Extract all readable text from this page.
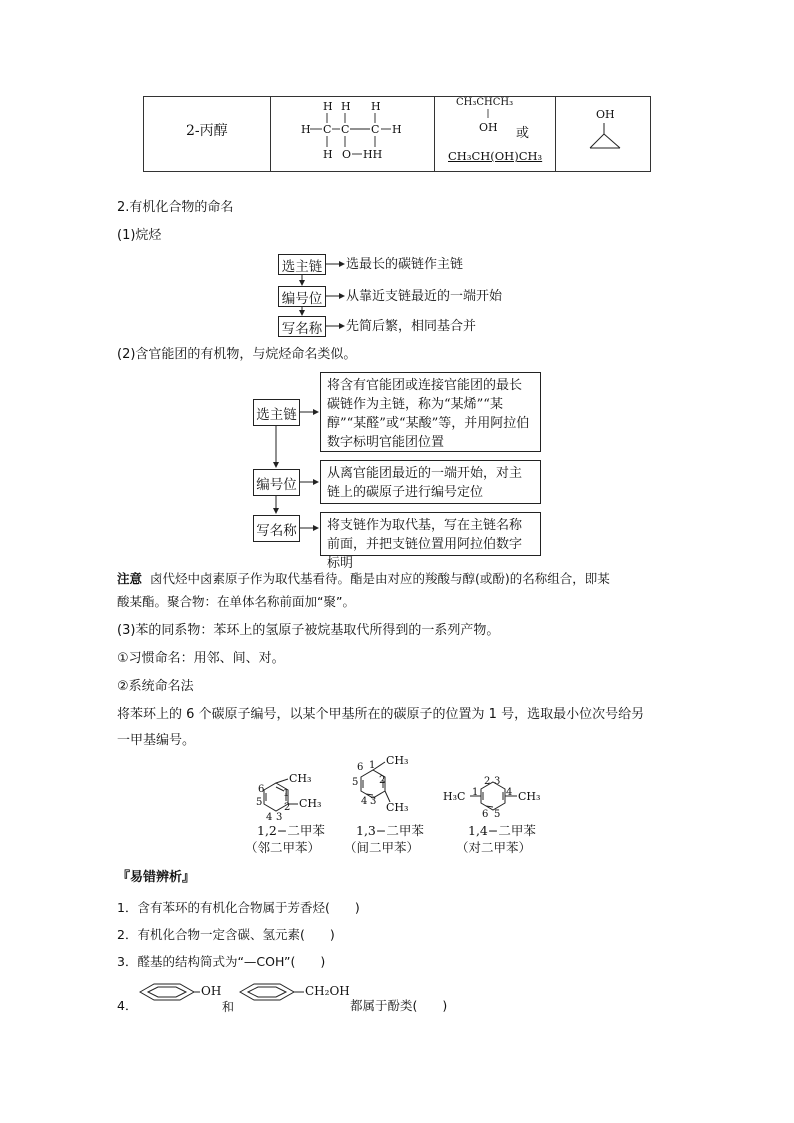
2-丙醇
H H H
H C C C H
H O HH
CH₃CHCH₃
OH 或
CH₃CH(OH)CH₃
OH
2.有机化合物的命名
(1)烷烃
选主链
编号位
写名称
选最长的碳链作主链
从靠近支链最近的一端开始
先简后繁，相同基合并
(2)含官能团的有机物，与烷烃命名类似。
选主链
编号位
写名称
将含有官能团或连接官能团的最长碳链作为主链，称为“某烯”“某醇”“某醛”或“某酸”等，并用阿拉伯数字标明官能团位置
从离官能团最近的一端开始，对主链上的碳原子进行编号定位
将支链作为取代基，写在主链名称前面，并把支链位置用阿拉伯数字标明
注意 卤代烃中卤素原子作为取代基看待。酯是由对应的羧酸与醇(或酚)的名称组合，即某
酸某酯。聚合物：在单体名称前面加“聚”。
(3)苯的同系物：苯环上的氢原子被烷基取代所得到的一系列产物。
①习惯命名：用邻、间、对。
②系统命名法
将苯环上的 6 个碳原子编号，以某个甲基所在的碳原子的位置为 1 号，选取最小位次号给另
一甲基编号。
6 1
2
5
4 3
6 1
2
5
4 3
2 3
4
1
6 5
CH₃
CH₃
CH₃
CH₃
H₃C	CH₃
1,2−二甲苯
（邻二甲苯）
1,3−二甲苯
（间二甲苯）
1,4−二甲苯
（对二甲苯）
『易错辨析』
1．含有苯环的有机化合物属于芳香烃(　　)
2．有机化合物一定含碳、氢元素(　　)
3．醛基的结构简式为“—COH”(　　)
4．
OH
和
CH₂OH
都属于酚类(　　)
